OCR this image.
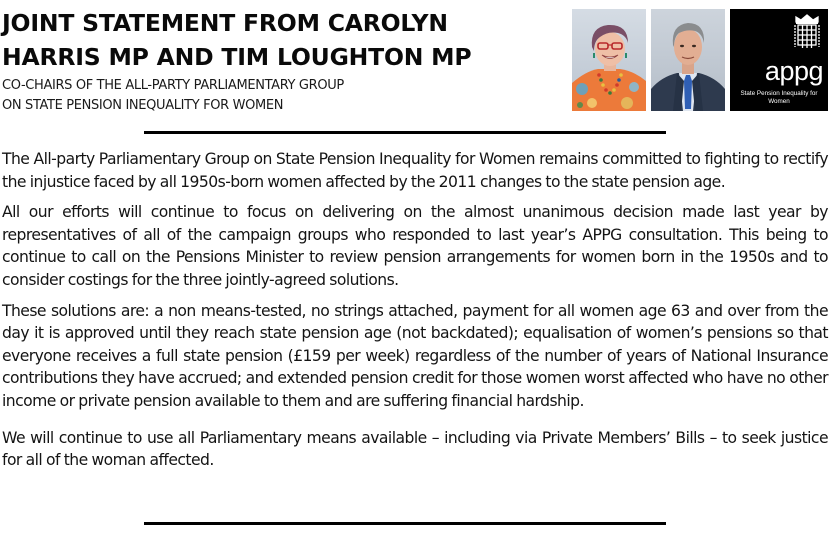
JOINT STATEMENT FROM CAROLYN
HARRIS MP AND TIM LOUGHTON MP

CO-CHAIRS OF THE ALL-PARTY PARLIAMENTARY GROUP
ON STATE PENSION INEQUALITY FOR WOMEN

appg
State Pension Inequality for
Women

The All-party Parliamentary Group on State Pension Inequality for Women remains committed to fighting to rectify the injustice faced by all 1950s-born women affected by the 2011 changes to the state pension age.

All our efforts will continue to focus on delivering on the almost unanimous decision made last year by representatives of all of the campaign groups who responded to last year’s APPG consultation. This being to continue to call on the Pensions Minister to review pension arrangements for women born in the 1950s and to consider costings for the three jointly-agreed solutions.

These solutions are: a non means-tested, no strings attached, payment for all women age 63 and over from the day it is approved until they reach state pension age (not backdated); equalisation of women’s pensions so that everyone receives a full state pension (£159 per week) regardless of the number of years of National Insurance contributions they have accrued; and extended pension credit for those women worst affected who have no other income or private pension available to them and are suffering financial hardship.

We will continue to use all Parliamentary means available – including via Private Members’ Bills – to seek justice for all of the woman affected.
